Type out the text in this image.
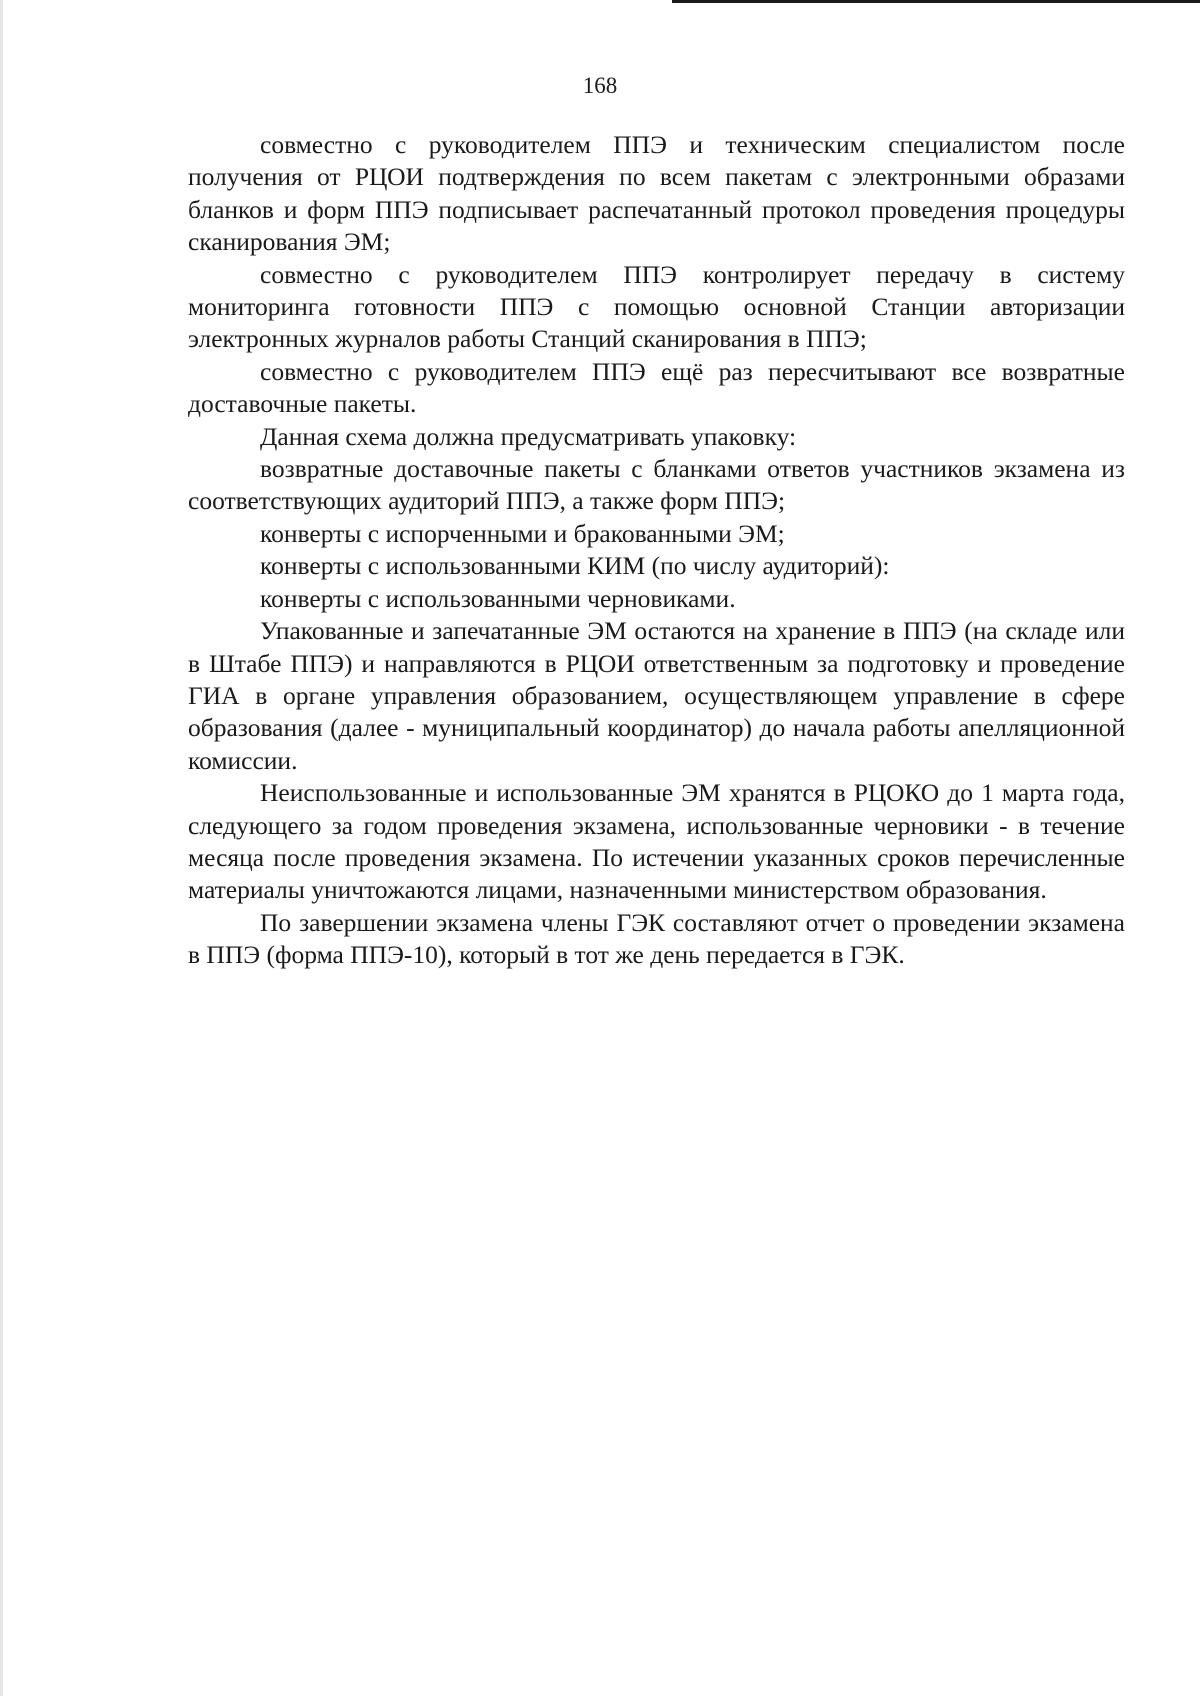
168

совместно с руководителем ППЭ и техническим специалистом после получения от РЦОИ подтверждения по всем пакетам с электронными образами бланков и форм ППЭ подписывает распечатанный протокол проведения процедуры сканирования ЭМ;

совместно с руководителем ППЭ контролирует передачу в систему мониторинга готовности ППЭ с помощью основной Станции авторизации электронных журналов работы Станций сканирования в ППЭ;

совместно с руководителем ППЭ ещё раз пересчитывают все возвратные доставочные пакеты.

Данная схема должна предусматривать упаковку:

возвратные доставочные пакеты с бланками ответов участников экзамена из соответствующих аудиторий ППЭ, а также форм ППЭ;

конверты с испорченными и бракованными ЭМ;

конверты с использованными КИМ (по числу аудиторий):

конверты с использованными черновиками.

Упакованные и запечатанные ЭМ остаются на хранение в ППЭ (на складе или в Штабе ППЭ) и направляются в РЦОИ ответственным за подготовку и проведение ГИА в органе управления образованием, осуществляющем управление в сфере образования (далее - муниципальный координатор) до начала работы апелляционной комиссии.

Неиспользованные и использованные ЭМ хранятся в РЦОКО до 1 марта года, следующего за годом проведения экзамена, использованные черновики - в течение месяца после проведения экзамена. По истечении указанных сроков перечисленные материалы уничтожаются лицами, назначенными министерством образования.

По завершении экзамена члены ГЭК составляют отчет о проведении экзамена в ППЭ (форма ППЭ-10), который в тот же день передается в ГЭК.
